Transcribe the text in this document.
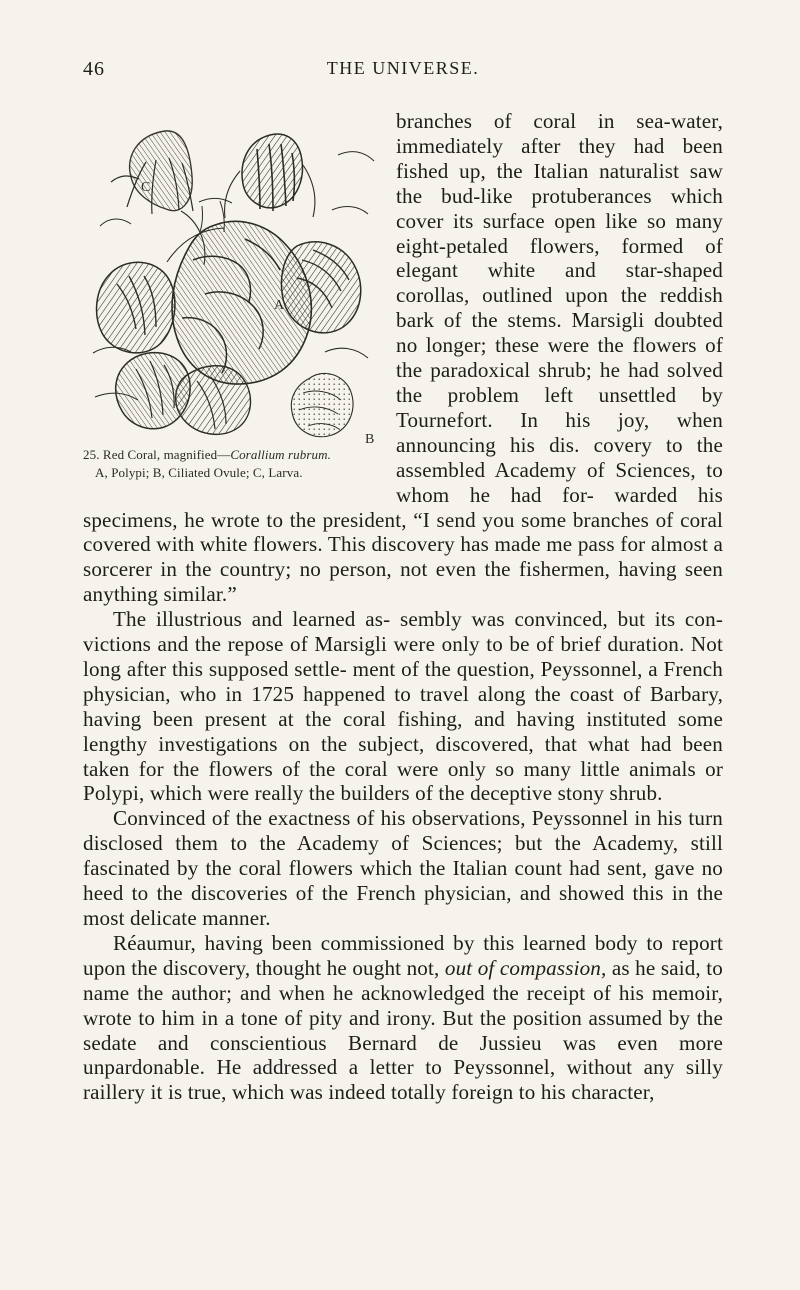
46	THE UNIVERSE.
C
A
B
25. Red Coral, magnified—Corallium rubrum.
A, Polypi; B, Ciliated Ovule; C, Larva.

branches of coral in sea-water, immediately after they had been fished up, the Italian naturalist saw the bud-like protuberances which cover its surface open like so many eight-petaled flowers, formed of elegant white and star-shaped corollas, outlined upon the reddish bark of the stems. Marsigli doubted no longer; these were the flowers of the paradoxical shrub; he had solved the problem left unsettled by Tournefort. In his joy, when announcing his dis. covery to the assembled Academy of Sciences, to whom he had for- warded his specimens, he wrote to the president, “I send you some branches of coral covered with white flowers. This discovery has made me pass for almost a sorcerer in the country; no person, not even the fishermen, having seen anything similar.”

The illustrious and learned as- sembly was convinced, but its con- victions and the repose of Marsigli were only to be of brief duration. Not long after this supposed settle- ment of the question, Peyssonnel, a French physician, who in 1725 happened to travel along the coast of Barbary, having been present at the coral fishing, and having instituted some lengthy investigations on the subject, discovered, that what had been taken for the flowers of the coral were only so many little animals or Polypi, which were really the builders of the deceptive stony shrub.

Convinced of the exactness of his observations, Peyssonnel in his turn disclosed them to the Academy of Sciences; but the Academy, still fascinated by the coral flowers which the Italian count had sent, gave no heed to the discoveries of the French physician, and showed this in the most delicate manner.

Réaumur, having been commissioned by this learned body to report upon the discovery, thought he ought not, out of compassion, as he said, to name the author; and when he acknowledged the receipt of his memoir, wrote to him in a tone of pity and irony. But the position assumed by the sedate and conscientious Bernard de Jussieu was even more unpardonable. He addressed a letter to Peyssonnel, without any silly raillery it is true, which was indeed totally foreign to his character,
